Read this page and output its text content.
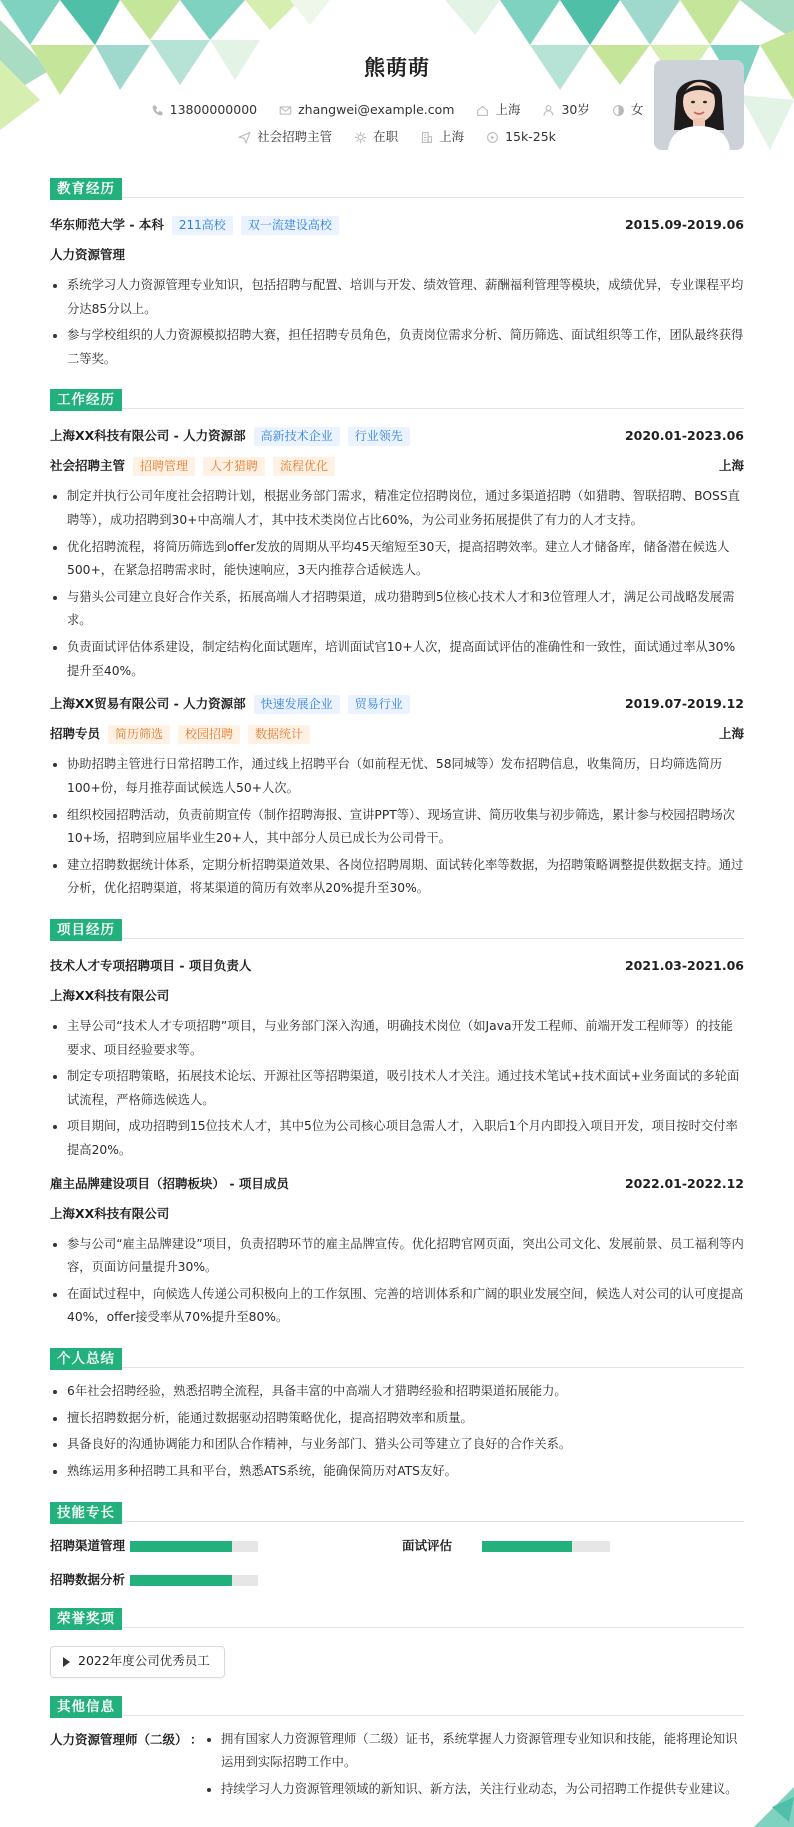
熊萌萌
13800000000
	zhangwei@example.com
	上海
	30岁
	女
社会招聘主管
	在职
	上海
	15k-25k
教育经历
华东师范大学 - 本科	211高校	双一流建设高校	2015.09-2019.06
人力资源管理
系统学习人力资源管理专业知识，包括招聘与配置、培训与开发、绩效管理、薪酬福利管理等模块，成绩优异，专业课程平均分达85分以上。
参与学校组织的人力资源模拟招聘大赛，担任招聘专员角色，负责岗位需求分析、简历筛选、面试组织等工作，团队最终获得二等奖。
工作经历
上海XX科技有限公司 - 人力资源部	高新技术企业	行业领先	2020.01-2023.06
社会招聘主管	招聘管理	人才猎聘	流程优化	上海
制定并执行公司年度社会招聘计划，根据业务部门需求，精准定位招聘岗位，通过多渠道招聘（如猎聘、智联招聘、BOSS直聘等），成功招聘到30+中高端人才，其中技术类岗位占比60%，为公司业务拓展提供了有力的人才支持。
优化招聘流程，将简历筛选到offer发放的周期从平均45天缩短至30天，提高招聘效率。建立人才储备库，储备潜在候选人500+，在紧急招聘需求时，能快速响应，3天内推荐合适候选人。
与猎头公司建立良好合作关系，拓展高端人才招聘渠道，成功猎聘到5位核心技术人才和3位管理人才，满足公司战略发展需求。
负责面试评估体系建设，制定结构化面试题库，培训面试官10+人次，提高面试评估的准确性和一致性，面试通过率从30%提升至40%。
上海XX贸易有限公司 - 人力资源部	快速发展企业	贸易行业	2019.07-2019.12
招聘专员	简历筛选	校园招聘	数据统计	上海
协助招聘主管进行日常招聘工作，通过线上招聘平台（如前程无忧、58同城等）发布招聘信息，收集简历，日均筛选简历100+份，每月推荐面试候选人50+人次。
组织校园招聘活动，负责前期宣传（制作招聘海报、宣讲PPT等）、现场宣讲、简历收集与初步筛选，累计参与校园招聘场次10+场，招聘到应届毕业生20+人，其中部分人员已成长为公司骨干。
建立招聘数据统计体系，定期分析招聘渠道效果、各岗位招聘周期、面试转化率等数据，为招聘策略调整提供数据支持。通过分析，优化招聘渠道，将某渠道的简历有效率从20%提升至30%。
项目经历
技术人才专项招聘项目 - 项目负责人	2021.03-2021.06
上海XX科技有限公司
主导公司“技术人才专项招聘”项目，与业务部门深入沟通，明确技术岗位（如Java开发工程师、前端开发工程师等）的技能要求、项目经验要求等。
制定专项招聘策略，拓展技术论坛、开源社区等招聘渠道，吸引技术人才关注。通过技术笔试+技术面试+业务面试的多轮面试流程，严格筛选候选人。
项目期间，成功招聘到15位技术人才，其中5位为公司核心项目急需人才，入职后1个月内即投入项目开发，项目按时交付率提高20%。
雇主品牌建设项目（招聘板块） - 项目成员	2022.01-2022.12
上海XX科技有限公司
参与公司“雇主品牌建设”项目，负责招聘环节的雇主品牌宣传。优化招聘官网页面，突出公司文化、发展前景、员工福利等内容，页面访问量提升30%。
在面试过程中，向候选人传递公司积极向上的工作氛围、完善的培训体系和广阔的职业发展空间，候选人对公司的认可度提高40%，offer接受率从70%提升至80%。
个人总结
6年社会招聘经验，熟悉招聘全流程，具备丰富的中高端人才猎聘经验和招聘渠道拓展能力。
擅长招聘数据分析，能通过数据驱动招聘策略优化，提高招聘效率和质量。
具备良好的沟通协调能力和团队合作精神，与业务部门、猎头公司等建立了良好的合作关系。
熟练运用多种招聘工具和平台，熟悉ATS系统，能确保简历对ATS友好。
技能专长
招聘渠道管理	面试评估
招聘数据分析
荣誉奖项
2022年度公司优秀员工
其他信息
人力资源管理师（二级） ：	拥有国家人力资源管理师（二级）证书，系统掌握人力资源管理专业知识和技能，能将理论知识运用到实际招聘工作中。
持续学习人力资源管理领域的新知识、新方法，关注行业动态，为公司招聘工作提供专业建议。
